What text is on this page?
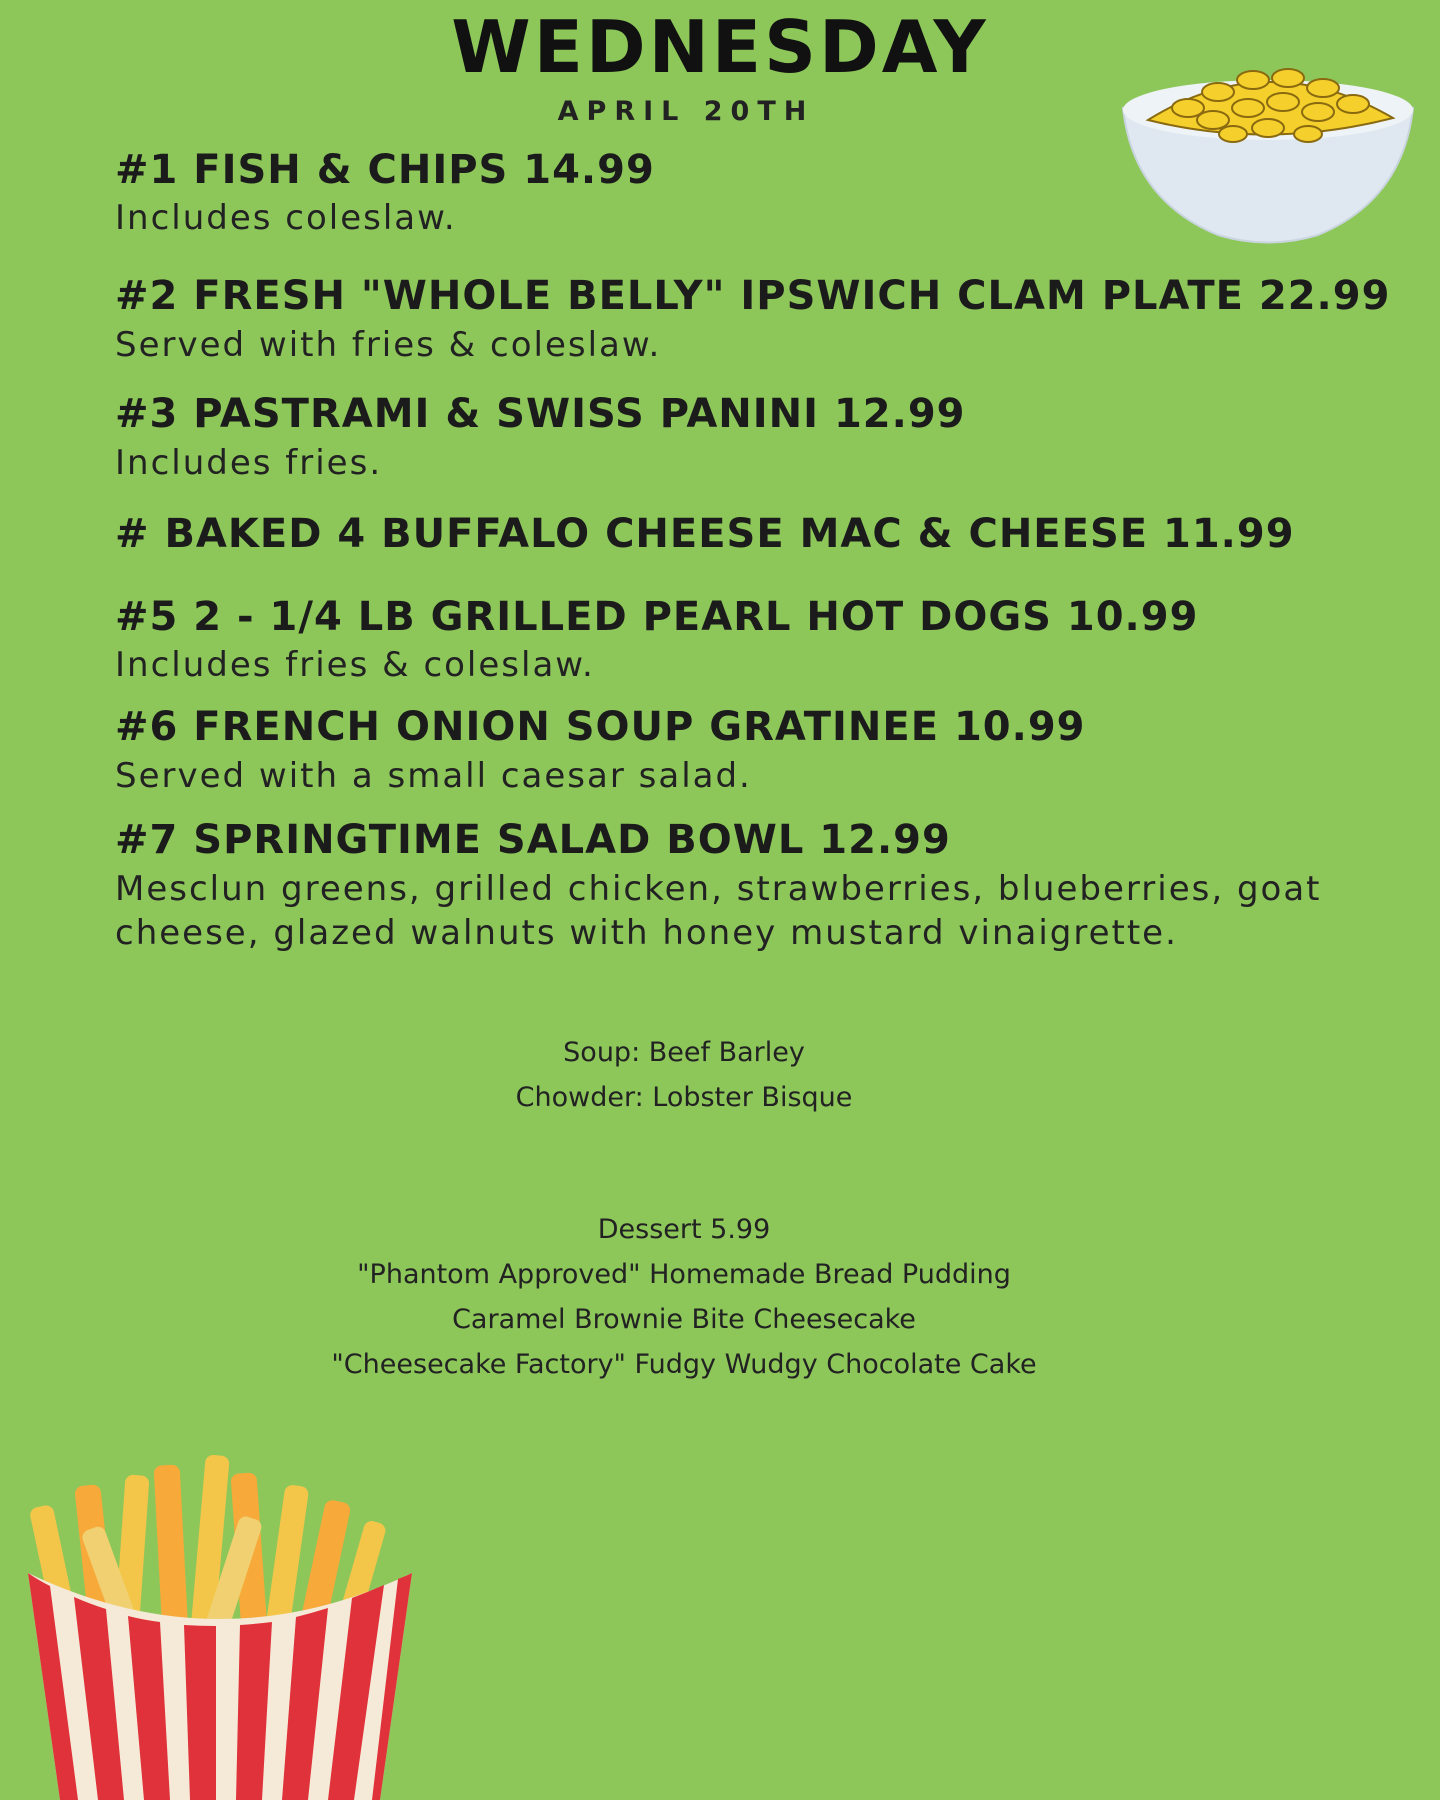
WEDNESDAY
APRIL 20TH
#1 FISH & CHIPS 14.99
Includes coleslaw.
#2 FRESH "WHOLE BELLY" IPSWICH CLAM PLATE 22.99
Served with fries & coleslaw.
#3 PASTRAMI & SWISS PANINI 12.99
Includes fries.
# BAKED 4 BUFFALO CHEESE MAC & CHEESE 11.99
#5 2 - 1/4 LB GRILLED PEARL HOT DOGS 10.99
Includes fries & coleslaw.
#6 FRENCH ONION SOUP GRATINEE 10.99
Served with a small caesar salad.
#7 SPRINGTIME SALAD BOWL 12.99
Mesclun greens, grilled chicken, strawberries, blueberries, goat
cheese, glazed walnuts with honey mustard vinaigrette.
Soup: Beef Barley
Chowder: Lobster Bisque
Dessert 5.99
"Phantom Approved" Homemade Bread Pudding
Caramel Brownie Bite Cheesecake
"Cheesecake Factory" Fudgy Wudgy Chocolate Cake
